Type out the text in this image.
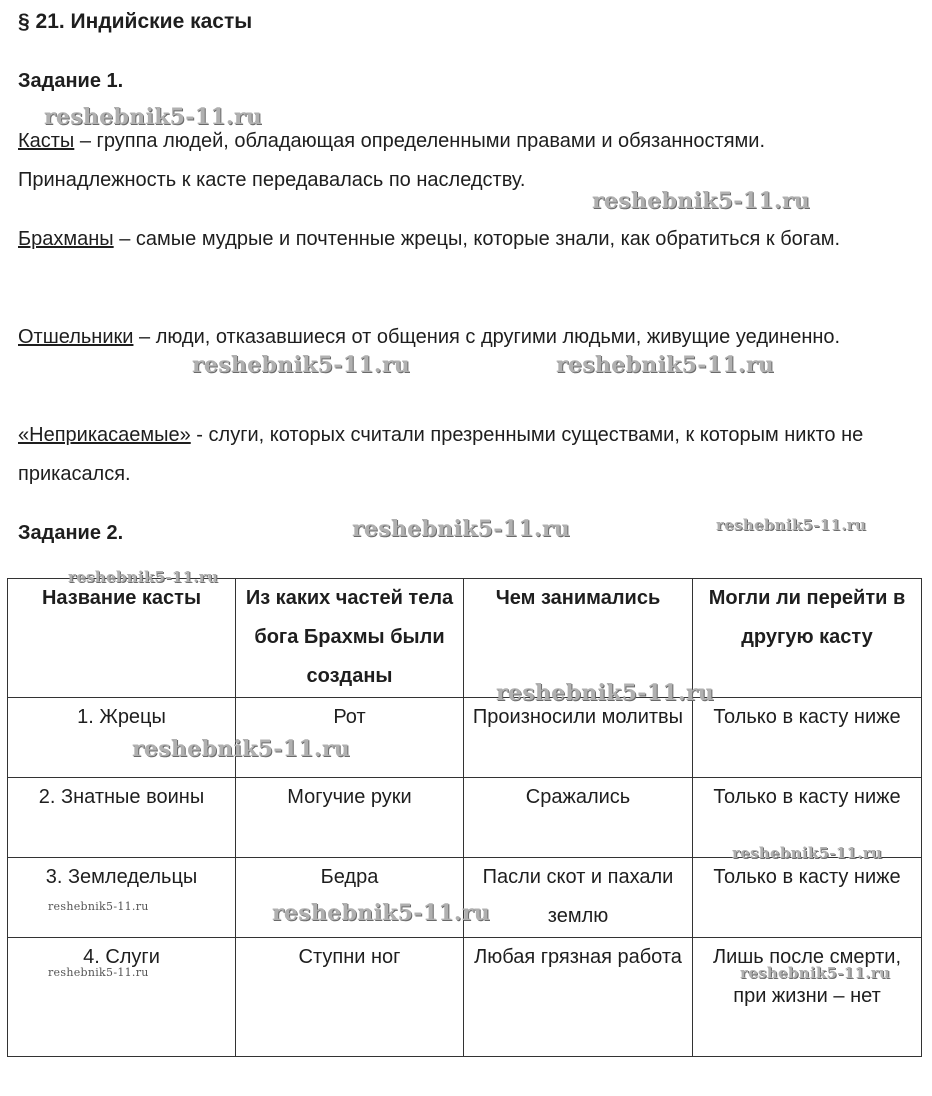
§ 21. Индийские касты
Задание 1.
Касты – группа людей, обладающая определенными правами и обязанностями. Принадлежность к касте передавалась по наследству.
Брахманы – самые мудрые и почтенные жрецы, которые знали, как обратиться к богам.
Отшельники – люди, отказавшиеся от общения с другими людьми, живущие уединенно.
«Неприкасаемые» - слуги, которых считали презренными существами, к которым никто не прикасался.
Задание 2.
Название касты	Из каких частей тела бога Брахмы были созданы	Чем занимались	Могли ли перейти в другую касту
1. Жрецы	Рот	Произносили молитвы	Только в касту ниже
2. Знатные воины	Могучие руки	Сражались	Только в касту ниже
3. Земледельцы	Бедра	Пасли скот и пахали землю	Только в касту ниже
4. Слуги	Ступни ног	Любая грязная работа	Лишь после смерти, при жизни – нет
reshebnik5-11.ru
reshebnik5-11.ru
reshebnik5-11.ru	reshebnik5-11.ru
reshebnik5-11.ru	reshebnik5-11.ru
reshebnik5-11.ru
reshebnik5-11.ru
reshebnik5-11.ru
reshebnik5-11.ru
reshebnik5-11.ru	reshebnik5-11.ru
reshebnik5-11.ru	reshebnik5-11.ru
